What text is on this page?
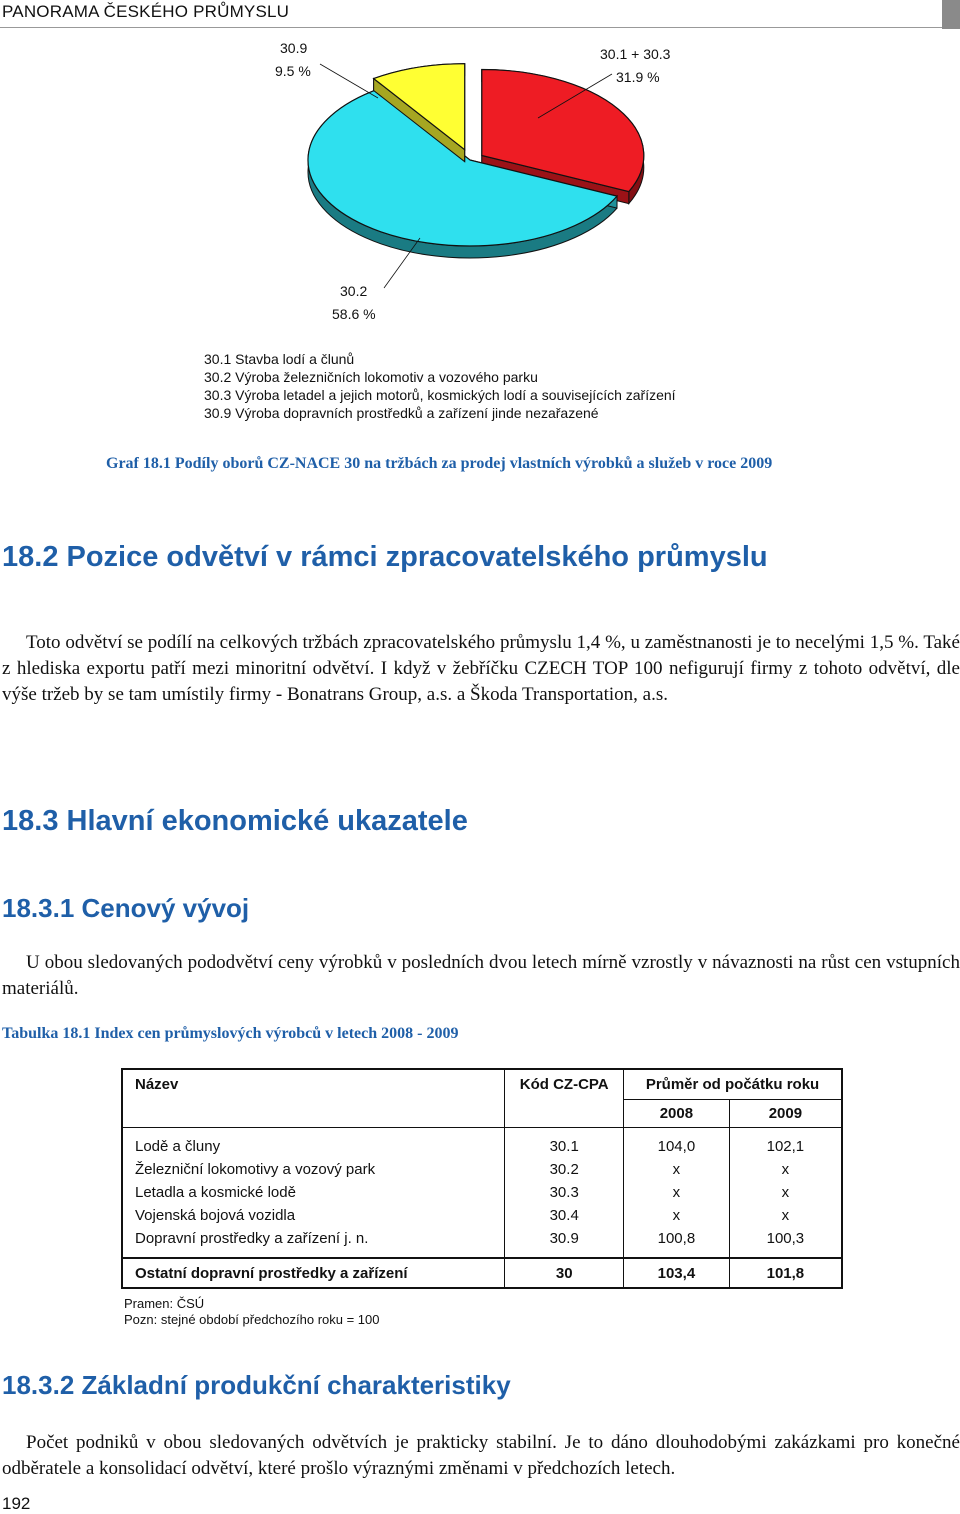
PANORAMA ČESKÉHO PRŮMYSLU
30.9
9.5 %
30.1 + 30.3
31.9 %
30.2
58.6 %
30.1 Stavba lodí a člunů
30.2 Výroba železničních lokomotiv a vozového parku
30.3 Výroba letadel a jejich motorů, kosmických lodí a souvisejících zařízení
30.9 Výroba dopravních prostředků a zařízení jinde nezařazené
Graf 18.1 Podíly oborů CZ-NACE 30 na tržbách za prodej vlastních výrobků a služeb v roce 2009
18.2 Pozice odvětví v rámci zpracovatelského průmyslu
Toto odvětví se podílí na celkových tržbách zpracovatelského průmyslu 1,4 %, u zaměstnanosti je to necelými 1,5 %. Také z hlediska exportu patří mezi minoritní odvětví. I když v žebříčku CZECH TOP 100 nefigurují firmy z tohoto odvětví, dle výše tržeb by se tam umístily firmy - Bonatrans Group, a.s. a Škoda Transportation, a.s.
18.3 Hlavní ekonomické ukazatele
18.3.1 Cenový vývoj
U obou sledovaných pododvětví ceny výrobků v posledních dvou letech mírně vzrostly v návaznosti na růst cen vstupních materiálů.
Tabulka 18.1 Index cen průmyslových výrobců v letech 2008 - 2009
Název	Kód CZ-CPA	Průměr od počátku roku	
		2008	2009

Lodě a čluny	30.1	104,0	102,1
Železniční lokomotivy a vozový park	30.2	x	x
Letadla a kosmické lodě	30.3	x	x
Vojenská bojová vozidla	30.4	x	x
Dopravní prostředky a zařízení j. n.	30.9	100,8	100,3

Ostatní dopravní prostředky a zařízení	30	103,4	101,8
Pramen: ČSÚ
Pozn: stejné období předchozího roku = 100
18.3.2 Základní produkční charakteristiky
Počet podniků v obou sledovaných odvětvích je prakticky stabilní. Je to dáno dlouhodobými zakázkami pro konečné odběratele a konsolidací odvětví, které prošlo výraznými změnami v předchozích letech.
192
